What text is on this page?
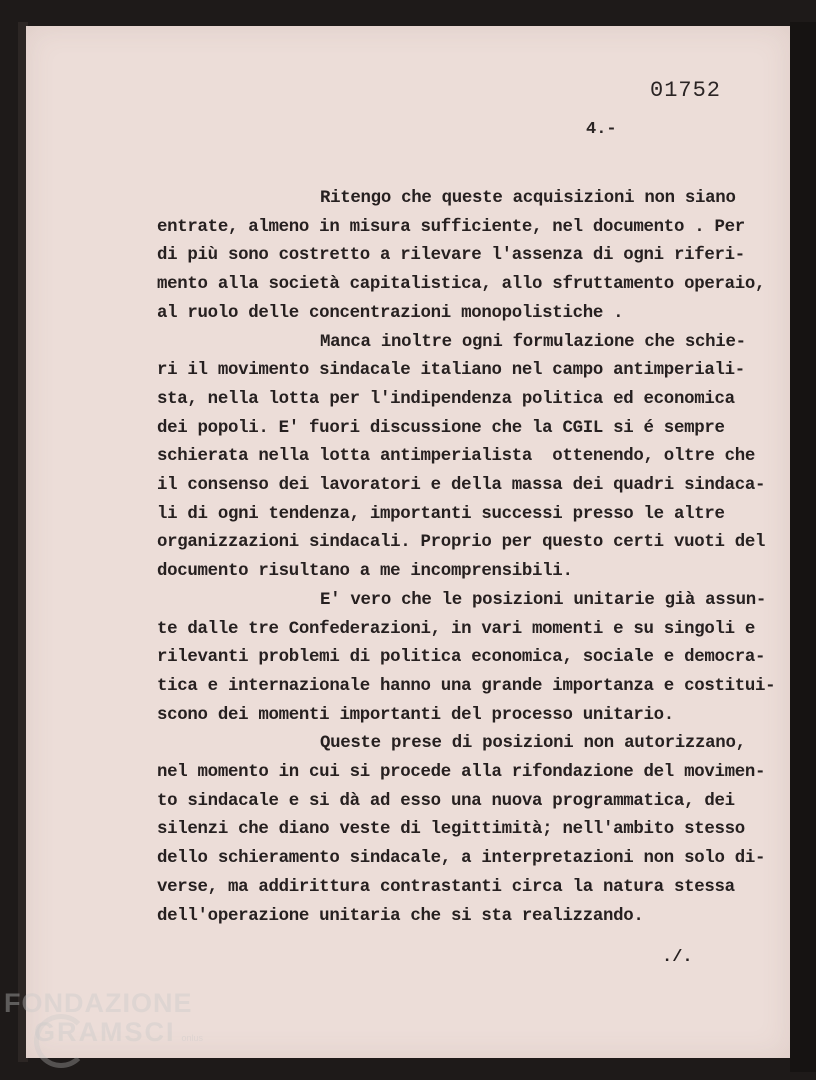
01752
4.-
Ritengo che queste acquisizioni non siano
entrate, almeno in misura sufficiente, nel documento . Per
di più sono costretto a rilevare l'assenza di ogni riferi-
mento alla società capitalistica, allo sfruttamento operaio,
al ruolo delle concentrazioni monopolistiche .
Manca inoltre ogni formulazione che schie-
ri il movimento sindacale italiano nel campo antimperiali-
sta, nella lotta per l'indipendenza politica ed economica
dei popoli. E' fuori discussione che la CGIL si é sempre
schierata nella lotta antimperialista  ottenendo, oltre che
il consenso dei lavoratori e della massa dei quadri sindaca-
li di ogni tendenza, importanti successi presso le altre
organizzazioni sindacali. Proprio per questo certi vuoti del
documento risultano a me incomprensibili.
E' vero che le posizioni unitarie già assun-
te dalle tre Confederazioni, in vari momenti e su singoli e
rilevanti problemi di politica economica, sociale e democra-
tica e internazionale hanno una grande importanza e costitui-
scono dei momenti importanti del processo unitario.
Queste prese di posizioni non autorizzano,
nel momento in cui si procede alla rifondazione del movimen-
to sindacale e si dà ad esso una nuova programmatica, dei
silenzi che diano veste di legittimità; nell'ambito stesso
dello schieramento sindacale, a interpretazioni non solo di-
verse, ma addirittura contrastanti circa la natura stessa
dell'operazione unitaria che si sta realizzando.
./.
FONDAZIONE
GRAMSCI onlus
